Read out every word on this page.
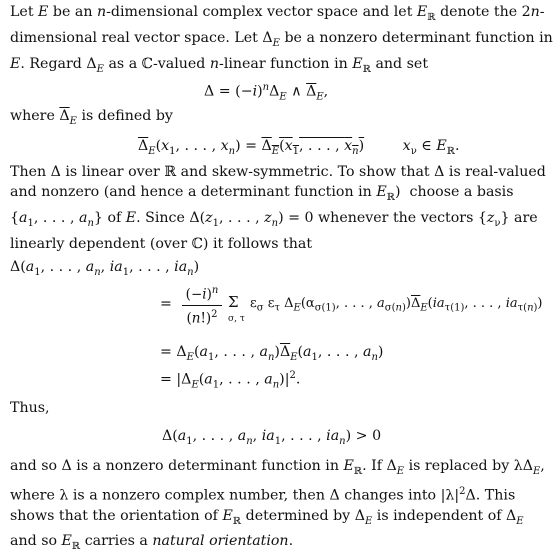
Let E be an n-dimensional complex vector space and let $E_ℝ$ denote the 2n-
dimensional real vector space. Let $\Delta_E$ be a nonzero determinant function in
E. Regard $\Delta_E$ as a ℂ-valued n-linear function in $E_ℝ$ and set
$\Delta = (-i)^n\Delta_E$ ∧ $\overline{\Delta}_E$,
where $\overline{\Delta}_E$ is defined by
$\overline{\Delta}_E(x_1$, . . . , $x_n) = \Delta_E(x_1$, . . . , $x_n$)	$x_\nu$ ∈ $E_ℝ$.
Then Δ is linear over ℝ and skew-symmetric. To show that Δ is real-valued
and nonzero (and hence a determinant function in $E_ℝ$)  choose a basis
{$a_1$, . . . , $a_n$} of E. Since $\Delta(z_1$, . . . , $z_n) = 0$ whenever the vectors $\{z_\nu\}$ are
linearly dependent (over ℂ) it follows that
$\Delta(a_1$, . . . , $a_n$, $ia_1$, . . . , $ia_n$)
=
$(-i)^n$
$(n!)^2$
Σ
σ, τ
$\varepsilon_\sigma$ $\varepsilon_\tau$ $\Delta_E(\alpha_{\sigma(1)}$, . . . , $a_{\sigma(n)})\overline{\Delta}_E(ia_{\tau(1)}$, . . . , $ia_{\tau(n)}$)
= $\Delta_E(a_1$, . . . , $a_n)\overline{\Delta}_E(a_1$, . . . , $a_n$)
= $|\Delta_E(a_1$, . . . , $a_n)|^2$.
Thus,
$\Delta(a_1$, . . . , $a_n$, $ia_1$, . . . , $ia_n) > 0$
and so Δ is a nonzero determinant function in $E_ℝ$. If $\Delta_E$ is replaced by $\lambda\Delta_E$,
where λ is a nonzero complex number, then Δ changes into $|\lambda|^2\Delta$. This
shows that the orientation of $E_ℝ$ determined by $\Delta_E$ is independent of $\Delta_E$
and so $E_ℝ$ carries a natural orientation.
